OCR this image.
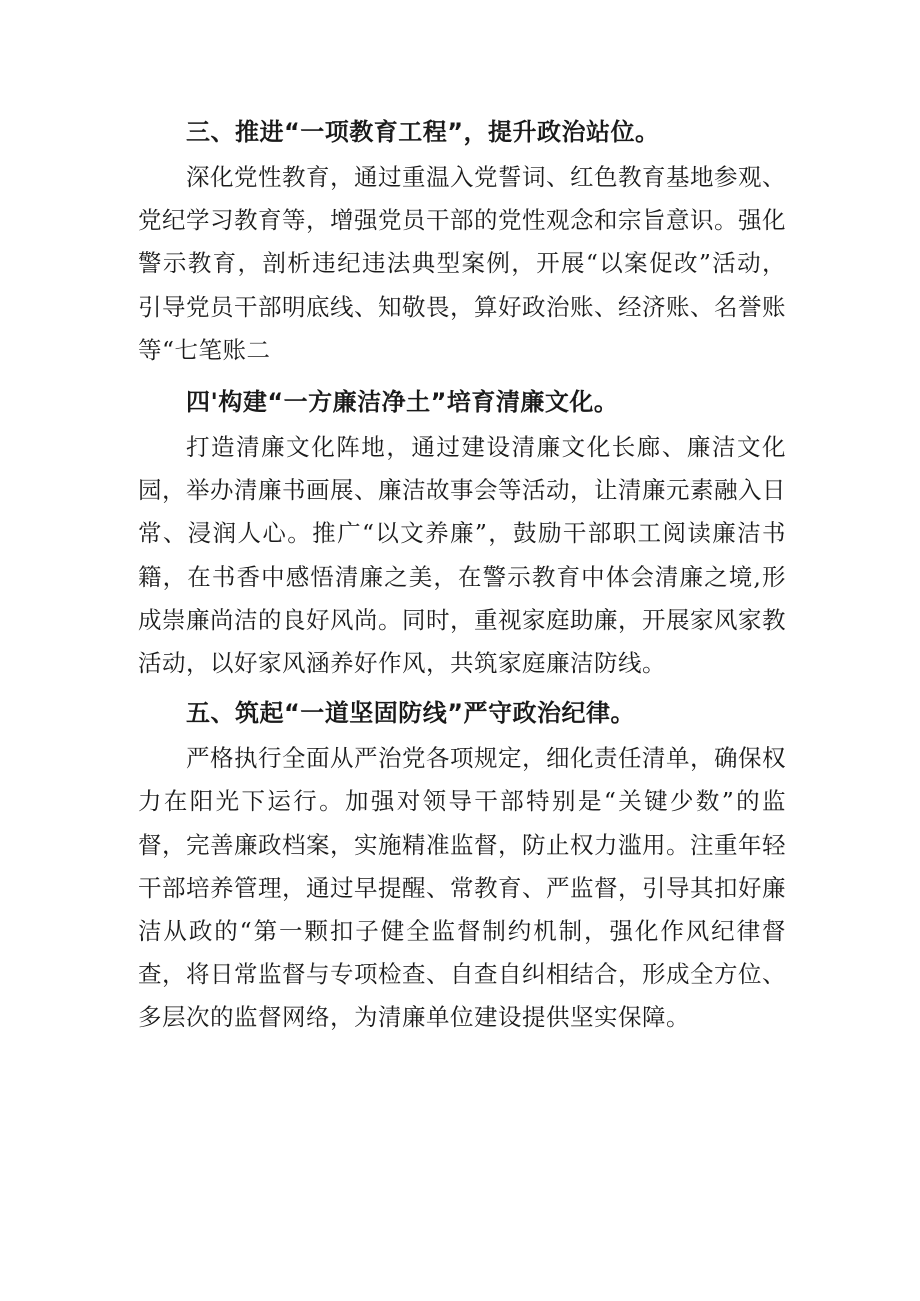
三、推进“一项教育工程”，提升政治站位。

深化党性教育，通过重温入党誓词、红色教育基地参观、党纪学习教育等，增强党员干部的党性观念和宗旨意识。强化警示教育，剖析违纪违法典型案例，开展“以案促改”活动，引导党员干部明底线、知敬畏，算好政治账、经济账、名誉账等“七笔账二

四'构建“一方廉洁净土”培育清廉文化。

打造清廉文化阵地，通过建设清廉文化长廊、廉洁文化园，举办清廉书画展、廉洁故事会等活动，让清廉元素融入日常、浸润人心。推广“以文养廉”，鼓励干部职工阅读廉洁书籍，在书香中感悟清廉之美，在警示教育中体会清廉之境,形成崇廉尚洁的良好风尚。同时，重视家庭助廉，开展家风家教活动，以好家风涵养好作风，共筑家庭廉洁防线。

五、筑起“一道坚固防线”严守政治纪律。

严格执行全面从严治党各项规定，细化责任清单，确保权力在阳光下运行。加强对领导干部特别是“关键少数”的监督，完善廉政档案，实施精准监督，防止权力滥用。注重年轻干部培养管理，通过早提醒、常教育、严监督，引导其扣好廉洁从政的“第一颗扣子健全监督制约机制，强化作风纪律督查，将日常监督与专项检查、自查自纠相结合，形成全方位、多层次的监督网络，为清廉单位建设提供坚实保障。
